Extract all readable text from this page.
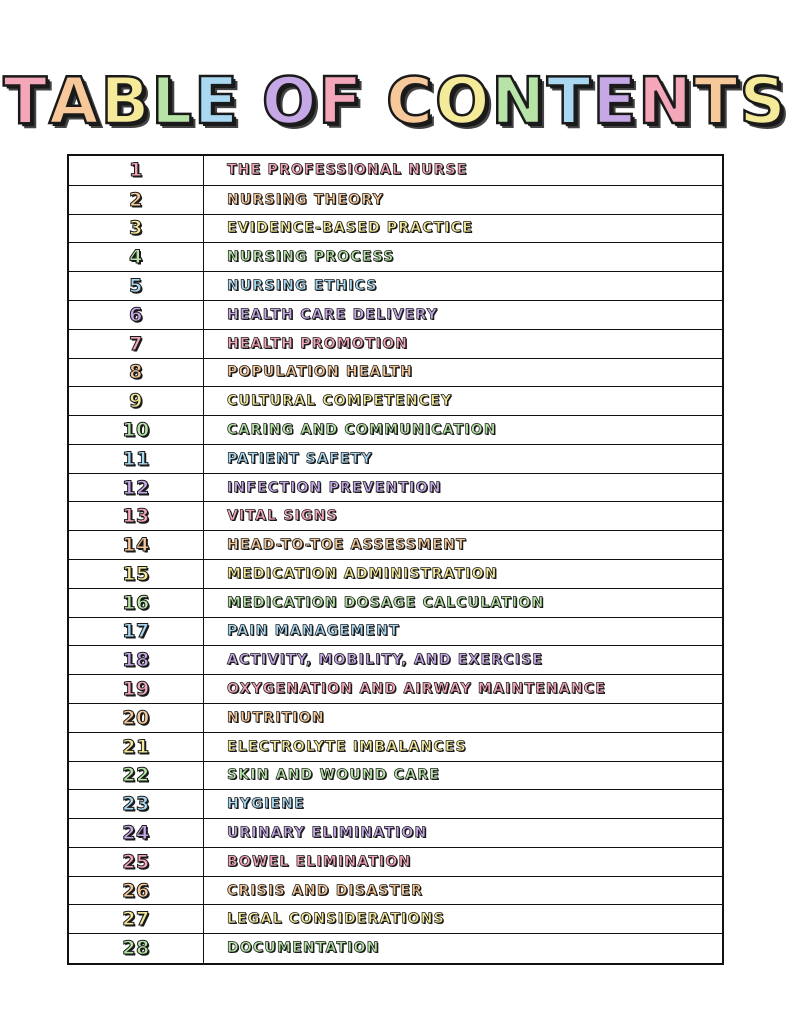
T A B L E O F C O N T E N T S
1	THE PROFESSIONAL NURSE
2	NURSING THEORY
3	EVIDENCE-BASED PRACTICE
4	NURSING PROCESS
5	NURSING ETHICS
6	HEALTH CARE DELIVERY
7	HEALTH PROMOTION
8	POPULATION HEALTH
9	CULTURAL COMPETENCEY
10	CARING AND COMMUNICATION
11	PATIENT SAFETY
12	INFECTION PREVENTION
13	VITAL SIGNS
14	HEAD-TO-TOE ASSESSMENT
15	MEDICATION ADMINISTRATION
16	MEDICATION DOSAGE CALCULATION
17	PAIN MANAGEMENT
18	ACTIVITY, MOBILITY, AND EXERCISE
19	OXYGENATION AND AIRWAY MAINTENANCE
20	NUTRITION
21	ELECTROLYTE IMBALANCES
22	SKIN AND WOUND CARE
23	HYGIENE
24	URINARY ELIMINATION
25	BOWEL ELIMINATION
26	CRISIS AND DISASTER
27	LEGAL CONSIDERATIONS
28	DOCUMENTATION
